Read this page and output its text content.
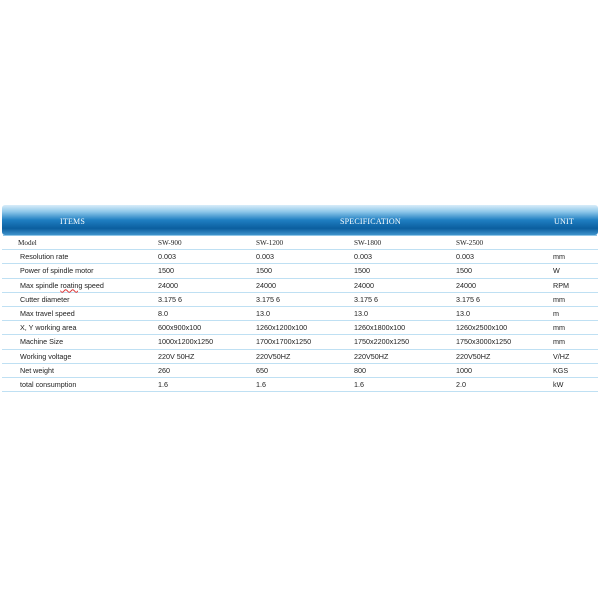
ITEMS	SPECIFICATION	UNIT
Model	SW-900	SW-1200	SW-1800	SW-2500	
Resolution rate	0.003	0.003	0.003	0.003	mm
Power of spindle motor	1500	1500	1500	1500	W
Max spindle roating speed	24000	24000	24000	24000	RPM
Cutter diameter	3.175 6	3.175 6	3.175 6	3.175 6	mm
Max travel speed	8.0	13.0	13.0	13.0	m
X, Y working area	600x900x100	1260x1200x100	1260x1800x100	1260x2500x100	mm
Machine Size	1000x1200x1250	1700x1700x1250	1750x2200x1250	1750x3000x1250	mm
Working voltage	220V 50HZ	220V50HZ	220V50HZ	220V50HZ	V/HZ
Net weight	260	650	800	1000	KGS
total consumption	1.6	1.6	1.6	2.0	kW
